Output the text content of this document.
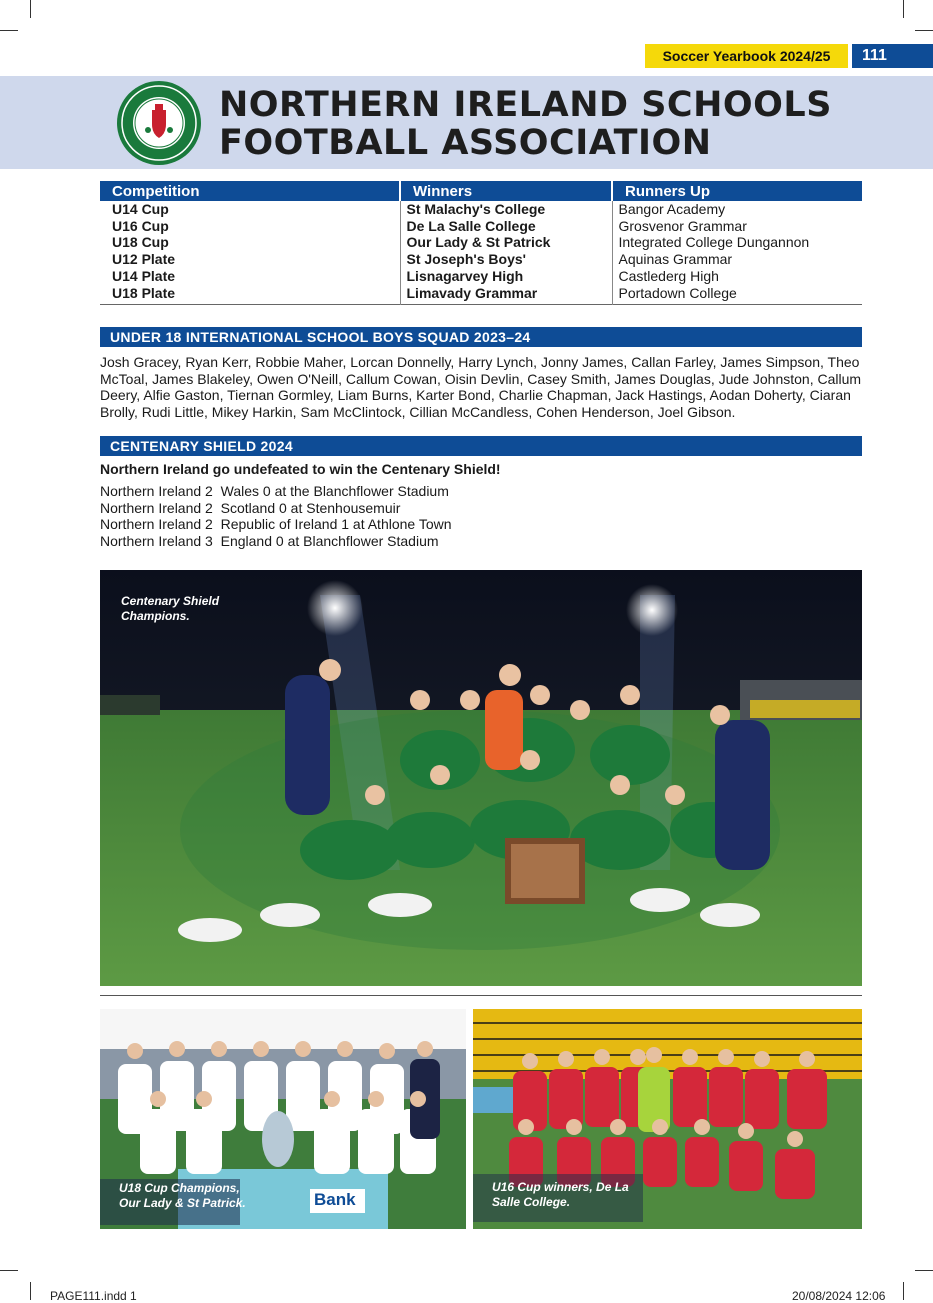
Soccer Yearbook 2024/25	111
NORTHERN IRELAND SCHOOLS
FOOTBALL ASSOCIATION
Competition	Winners	Runners Up
U14 Cup	St Malachy's College	Bangor Academy
U16 Cup	De La Salle College	Grosvenor Grammar
U18 Cup	Our Lady & St Patrick	Integrated College Dungannon
U12 Plate	St Joseph's Boys'	Aquinas Grammar
U14 Plate	Lisnagarvey High	Castlederg High
U18 Plate	Limavady Grammar	Portadown College
UNDER 18 INTERNATIONAL SCHOOL BOYS SQUAD 2023–24

Josh Gracey, Ryan Kerr, Robbie Maher, Lorcan Donnelly, Harry Lynch, Jonny James, Callan Farley, James Simpson, Theo McToal, James Blakeley, Owen O'Neill, Callum Cowan, Oisin Devlin, Casey Smith, James Douglas, Jude Johnston, Callum Deery, Alfie Gaston, Tiernan Gormley, Liam Burns, Karter Bond, Charlie Chapman, Jack Hastings, Aodan Doherty, Ciaran Brolly, Rudi Little, Mikey Harkin, Sam McClintock, Cillian McCandless, Cohen Henderson, Joel Gibson.

CENTENARY SHIELD 2024
Northern Ireland go undefeated to win the Centenary Shield!
Northern Ireland 2  Wales 0 at the Blanchflower Stadium
Northern Ireland 2  Scotland 0 at Stenhousemuir
Northern Ireland 2  Republic of Ireland 1 at Athlone Town
Northern Ireland 3  England 0 at Blanchflower Stadium
Centenary Shield
Champions.
Bank
U18 Cup Champions,
Our Lady & St Patrick.
U16 Cup winners, De La
Salle College.
PAGE111.indd 1	20/08/2024 12:06
